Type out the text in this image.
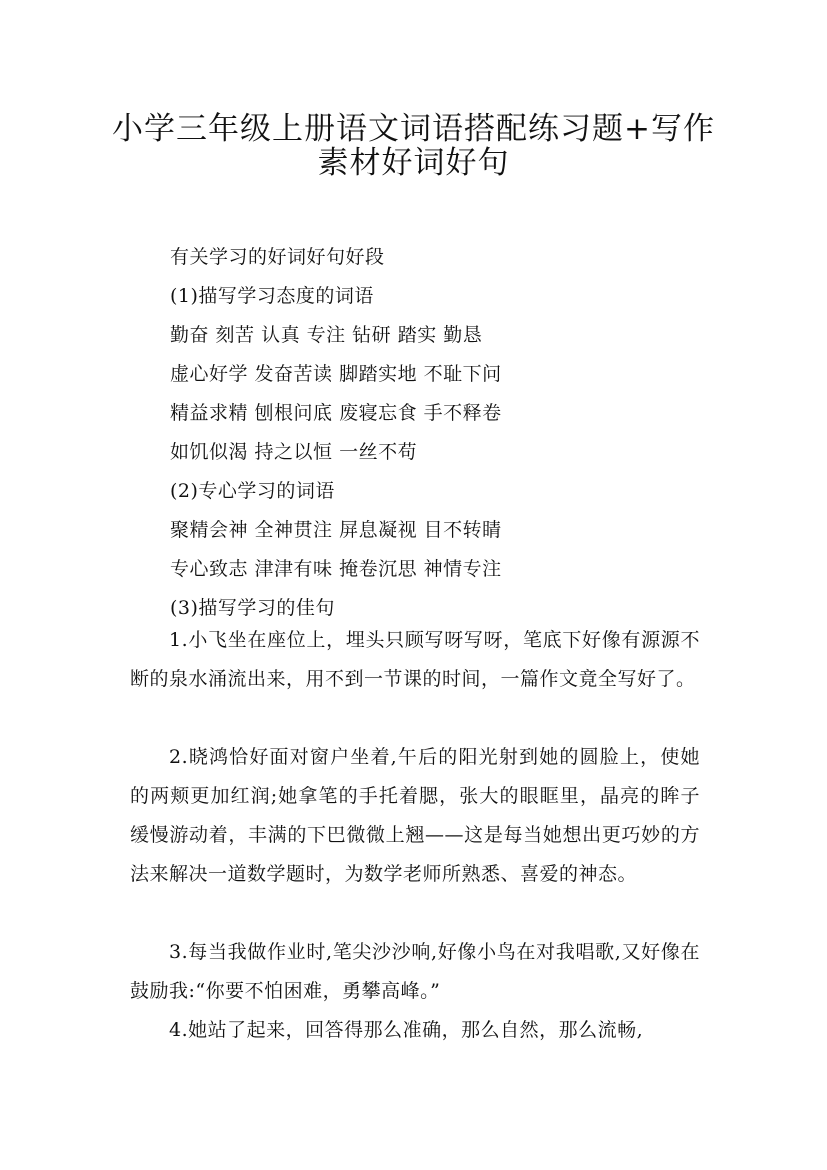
小学三年级上册语文词语搭配练习题+写作
素材好词好句

有关学习的好词好句好段

(1)描写学习态度的词语

勤奋 刻苦 认真 专注 钻研 踏实 勤恳

虚心好学 发奋苦读 脚踏实地 不耻下问

精益求精 刨根问底 废寝忘食 手不释卷

如饥似渴 持之以恒 一丝不苟

(2)专心学习的词语

聚精会神 全神贯注 屏息凝视 目不转睛

专心致志 津津有味 掩卷沉思 神情专注

(3)描写学习的佳句

1.小飞坐在座位上，埋头只顾写呀写呀，笔底下好像有源源不断的泉水涌流出来，用不到一节课的时间，一篇作文竟全写好了。

2.晓鸿恰好面对窗户坐着,午后的阳光射到她的圆脸上，使她的两颊更加红润;她拿笔的手托着腮，张大的眼眶里，晶亮的眸子缓慢游动着，丰满的下巴微微上翘——这是每当她想出更巧妙的方法来解决一道数学题时，为数学老师所熟悉、喜爱的神态。

3.每当我做作业时,笔尖沙沙响,好像小鸟在对我唱歌,又好像在鼓励我:“你要不怕困难，勇攀高峰。”

4.她站了起来，回答得那么准确，那么自然，那么流畅,
